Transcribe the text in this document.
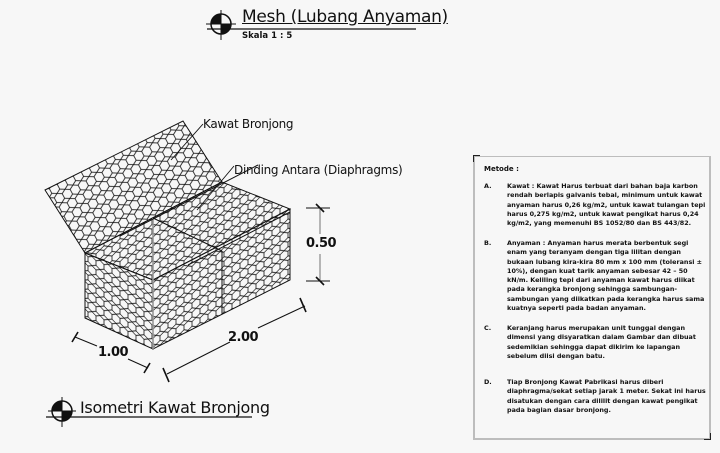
Mesh (Lubang Anyaman)
Skala 1 : 5
Kawat Bronjong
Dinding Antara (Diaphragms)
0.50
1.00
2.00
Isometri Kawat Bronjong
Metode :
A. Kawat : Kawat Harus terbuat dari bahan baja karbon rendah berlapis galvanis tebal, minimum untuk kawat anyaman harus 0,26 kg/m2, untuk kawat tulangan tepi harus 0,275 kg/m2, untuk kawat pengikat harus 0,24 kg/m2, yang memenuhi BS 1052/80 dan BS 443/82.
B. Anyaman : Anyaman harus merata berbentuk segi enam yang teranyam dengan tiga lilitan dengan bukaan lubang kira-kira 80 mm x 100 mm (toleransi ± 10%), dengan kuat tarik anyaman sebesar 42 – 50 kN/m. Keliling tepi dari anyaman kawat harus diikat pada kerangka bronjong sehingga sambungan-sambungan yang diikatkan pada kerangka harus sama kuatnya seperti pada badan anyaman.
C. Keranjang harus merupakan unit tunggal dengan dimensi yang disyaratkan dalam Gambar dan dibuat sedemikian sehingga dapat dikirim ke lapangan sebelum diisi dengan batu.
D. Tiap Bronjong Kawat Pabrikasi harus diberi diaphragma/sekat setiap jarak 1 meter. Sekat ini harus disatukan dengan cara dililit dengan kawat pengikat pada bagian dasar bronjong.
